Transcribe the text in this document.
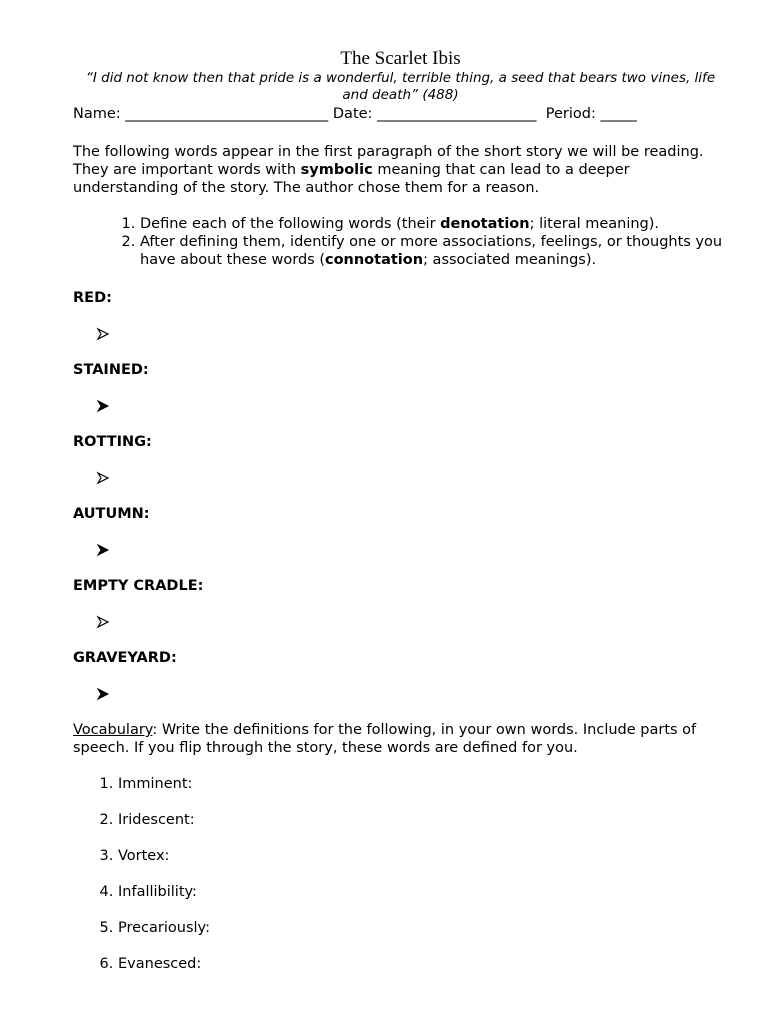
The Scarlet Ibis
“I did not know then that pride is a wonderful, terrible thing, a seed that bears two vines, life and death” (488)
Name: ____________________________ Date: ______________________ Period: _____
The following words appear in the first paragraph of the short story we will be reading. They are important words with symbolic meaning that can lead to a deeper understanding of the story. The author chose them for a reason.
1. Define each of the following words (their denotation; literal meaning).
2. After defining them, identify one or more associations, feelings, or thoughts you have about these words (connotation; associated meanings).
RED:
STAINED:
ROTTING:
AUTUMN:
EMPTY CRADLE:
GRAVEYARD:
Vocabulary: Write the definitions for the following, in your own words. Include parts of speech. If you flip through the story, these words are defined for you.
1. Imminent:
2. Iridescent:
3. Vortex:
4. Infallibility:
5. Precariously:
6. Evanesced:
